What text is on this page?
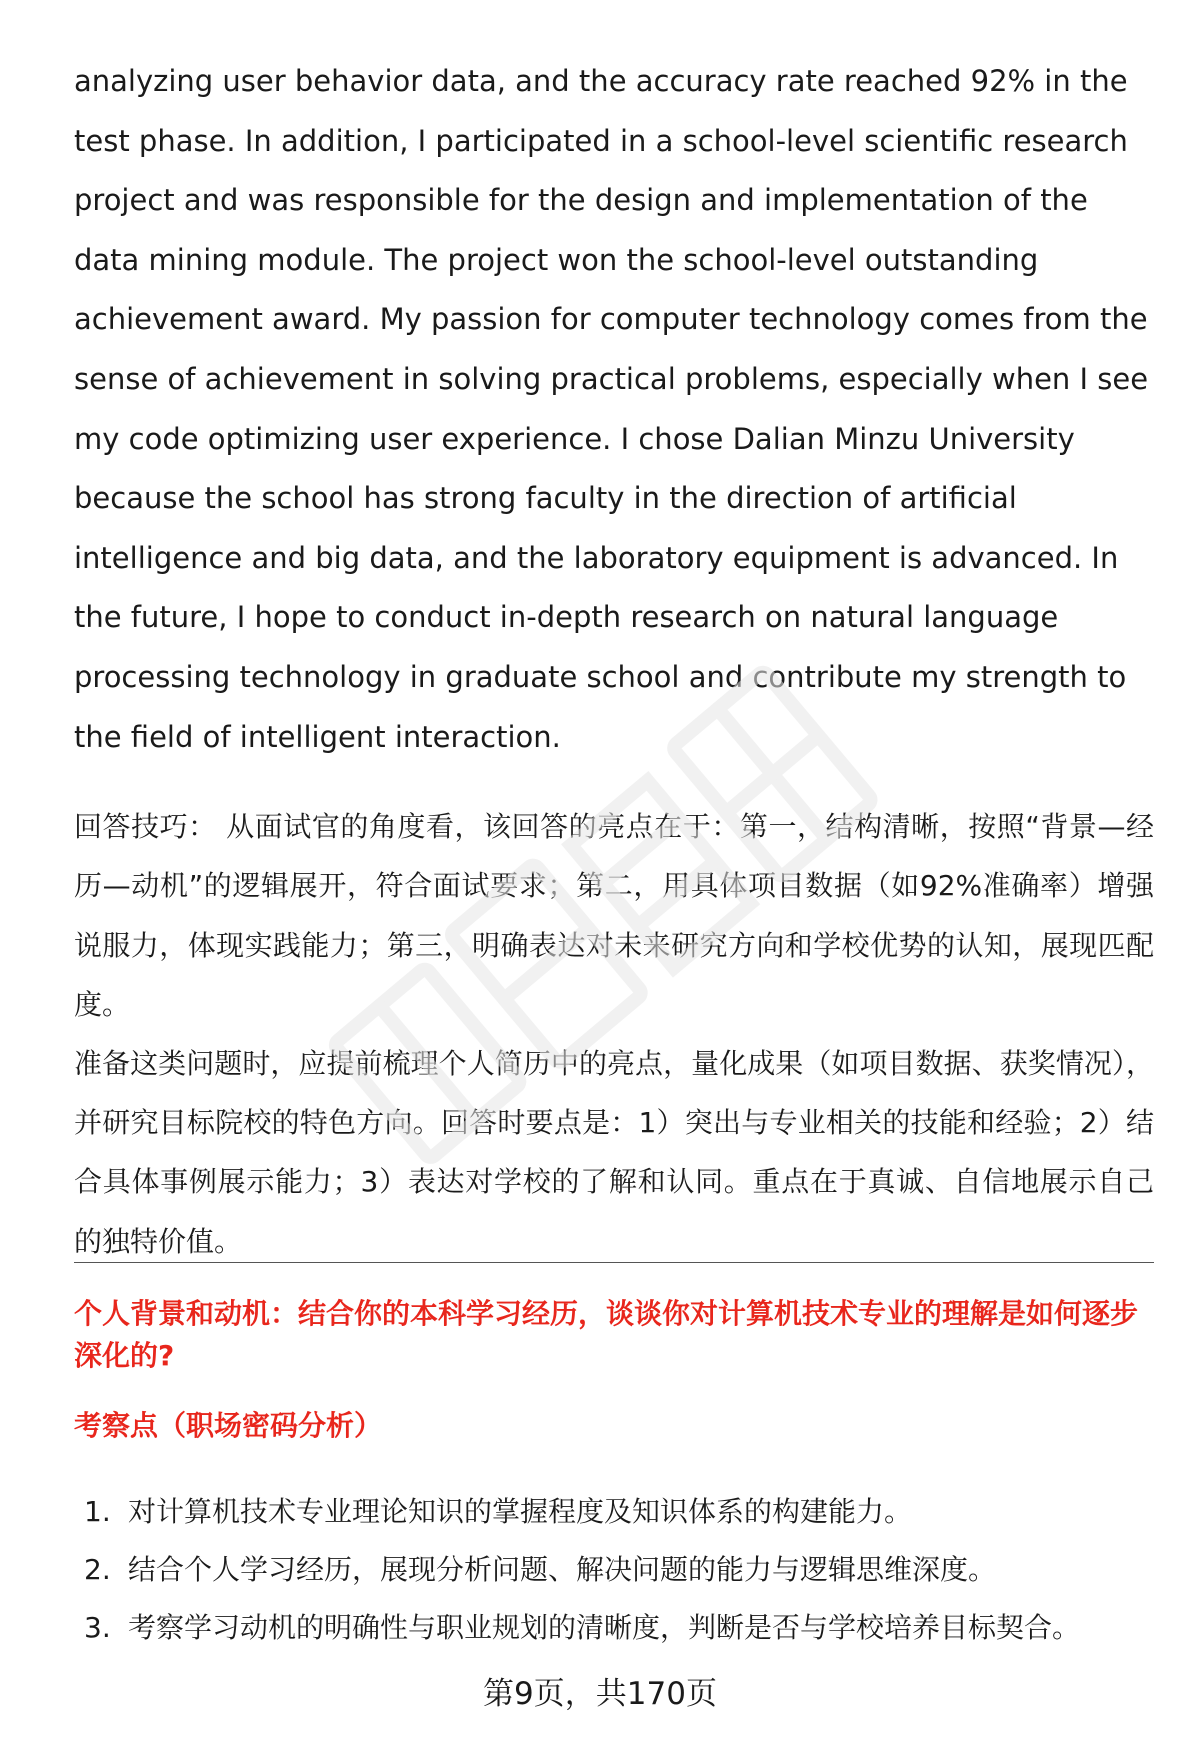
analyzing user behavior data, and the accuracy rate reached 92% in the test phase. In addition, I participated in a school-level scientific research project and was responsible for the design and implementation of the data mining module. The project won the school-level outstanding achievement award. My passion for computer technology comes from the sense of achievement in solving practical problems, especially when I see my code optimizing user experience. I chose Dalian Minzu University because the school has strong faculty in the direction of artificial intelligence and big data, and the laboratory equipment is advanced. In the future, I hope to conduct in-depth research on natural language processing technology in graduate school and contribute my strength to the field of intelligent interaction.

回答技巧： 从面试官的角度看，该回答的亮点在于：第一，结构清晰，按照“背景—经历—动机”的逻辑展开，符合面试要求；第二，用具体项目数据（如92%准确率）增强说服力，体现实践能力；第三，明确表达对未来研究方向和学校优势的认知，展现匹配度。

准备这类问题时，应提前梳理个人简历中的亮点，量化成果（如项目数据、获奖情况），并研究目标院校的特色方向。回答时要点是：1）突出与专业相关的技能和经验；2）结合具体事例展示能力；3）表达对学校的了解和认同。重点在于真诚、自信地展示自己的独特价值。

个人背景和动机：结合你的本科学习经历，谈谈你对计算机技术专业的理解是如何逐步深化的?

考察点（职场密码分析）

1. 对计算机技术专业理论知识的掌握程度及知识体系的构建能力。
2. 结合个人学习经历，展现分析问题、解决问题的能力与逻辑思维深度。
3. 考察学习动机的明确性与职业规划的清晰度，判断是否与学校培养目标契合。
第9页，共170页
